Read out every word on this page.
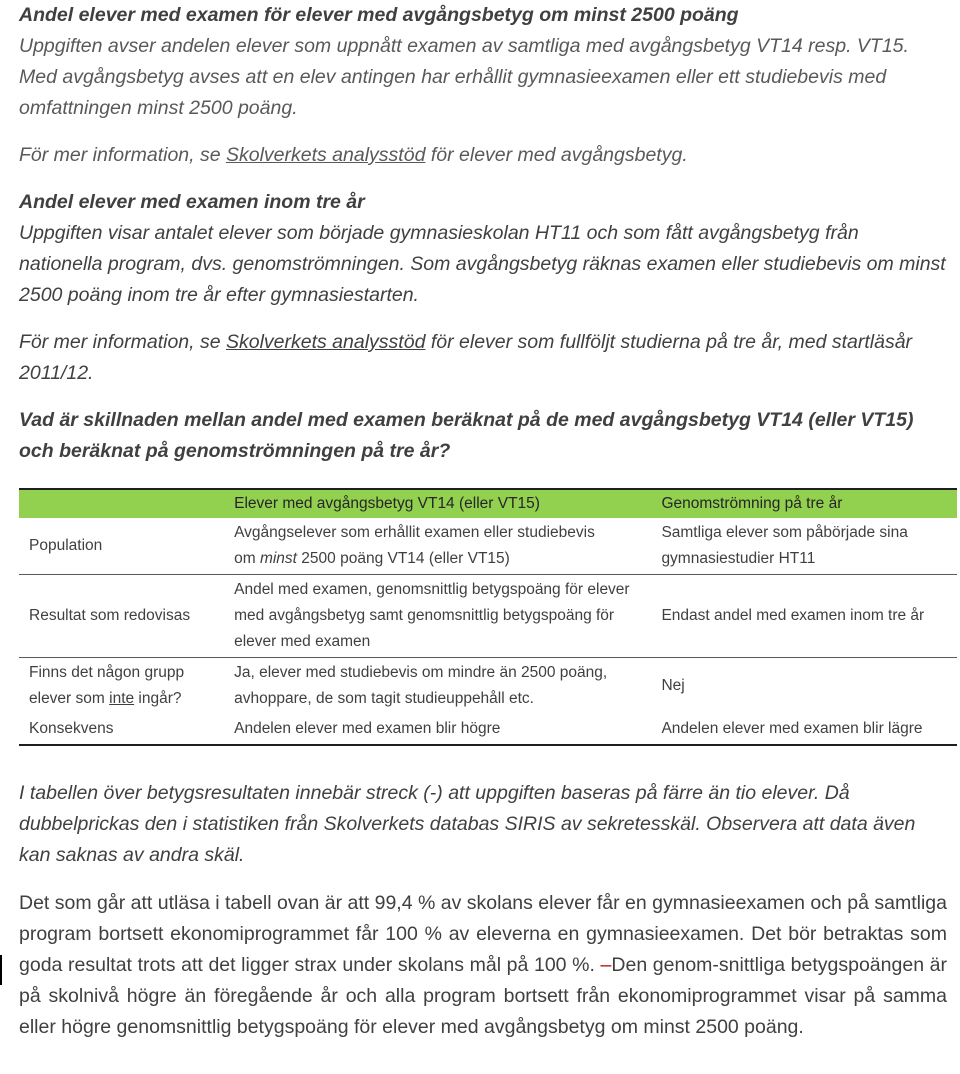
Andel elever med examen för elever med avgångsbetyg om minst 2500 poäng

Uppgiften avser andelen elever som uppnått examen av samtliga med avgångsbetyg VT14 resp. VT15. Med avgångsbetyg avses att en elev antingen har erhållit gymnasieexamen eller ett studiebevis med omfattningen minst 2500 poäng.

För mer information, se Skolverkets analysstöd för elever med avgångsbetyg.

Andel elever med examen inom tre år

Uppgiften visar antalet elever som började gymnasieskolan HT11 och som fått avgångsbetyg från nationella program, dvs. genomströmningen. Som avgångsbetyg räknas examen eller studiebevis om minst 2500 poäng inom tre år efter gymnasiestarten.

För mer information, se Skolverkets analysstöd för elever som fullföljt studierna på tre år, med startläsår 2011/12.

Vad är skillnaden mellan andel med examen beräknat på de med avgångsbetyg VT14 (eller VT15) och beräknat på genomströmningen på tre år?

	Elever med avgångsbetyg VT14 (eller VT15)	Genomströmning på tre år
Population	Avgångselever som erhållit examen eller studiebevis
om minst 2500 poäng VT14 (eller VT15)	Samtliga elever som påbörjade sina gymnasiestudier HT11
Resultat som redovisas	Andel med examen, genomsnittlig betygspoäng för elever med avgångsbetyg samt genomsnittlig betygspoäng för elever med examen	Endast andel med examen inom tre år

Finns det någon grupp
elever som inte ingår?	Ja, elever med studiebevis om mindre än 2500 poäng, avhoppare, de som tagit studieuppehåll etc.	Nej
Konsekvens	Andelen elever med examen blir högre	Andelen elever med examen blir lägre

I tabellen över betygsresultaten innebär streck (-) att uppgiften baseras på färre än tio elever. Då dubbelprickas den i statistiken från Skolverkets databas SIRIS av sekretesskäl. Observera att data även kan saknas av andra skäl.

Det som går att utläsa i tabell ovan är att 99,4 % av skolans elever får en gymnasieexamen och på samtliga program bortsett ekonomiprogrammet får 100 % av eleverna en gymnasieexamen. Det bör betraktas som goda resultat trots att det ligger strax under skolans mål på 100 %. –Den genom-snittliga betygspoängen är på skolnivå högre än föregående år och alla program bortsett från ekonomiprogrammet visar på samma eller högre genomsnittlig betygspoäng för elever med avgångsbetyg om minst 2500 poäng.
